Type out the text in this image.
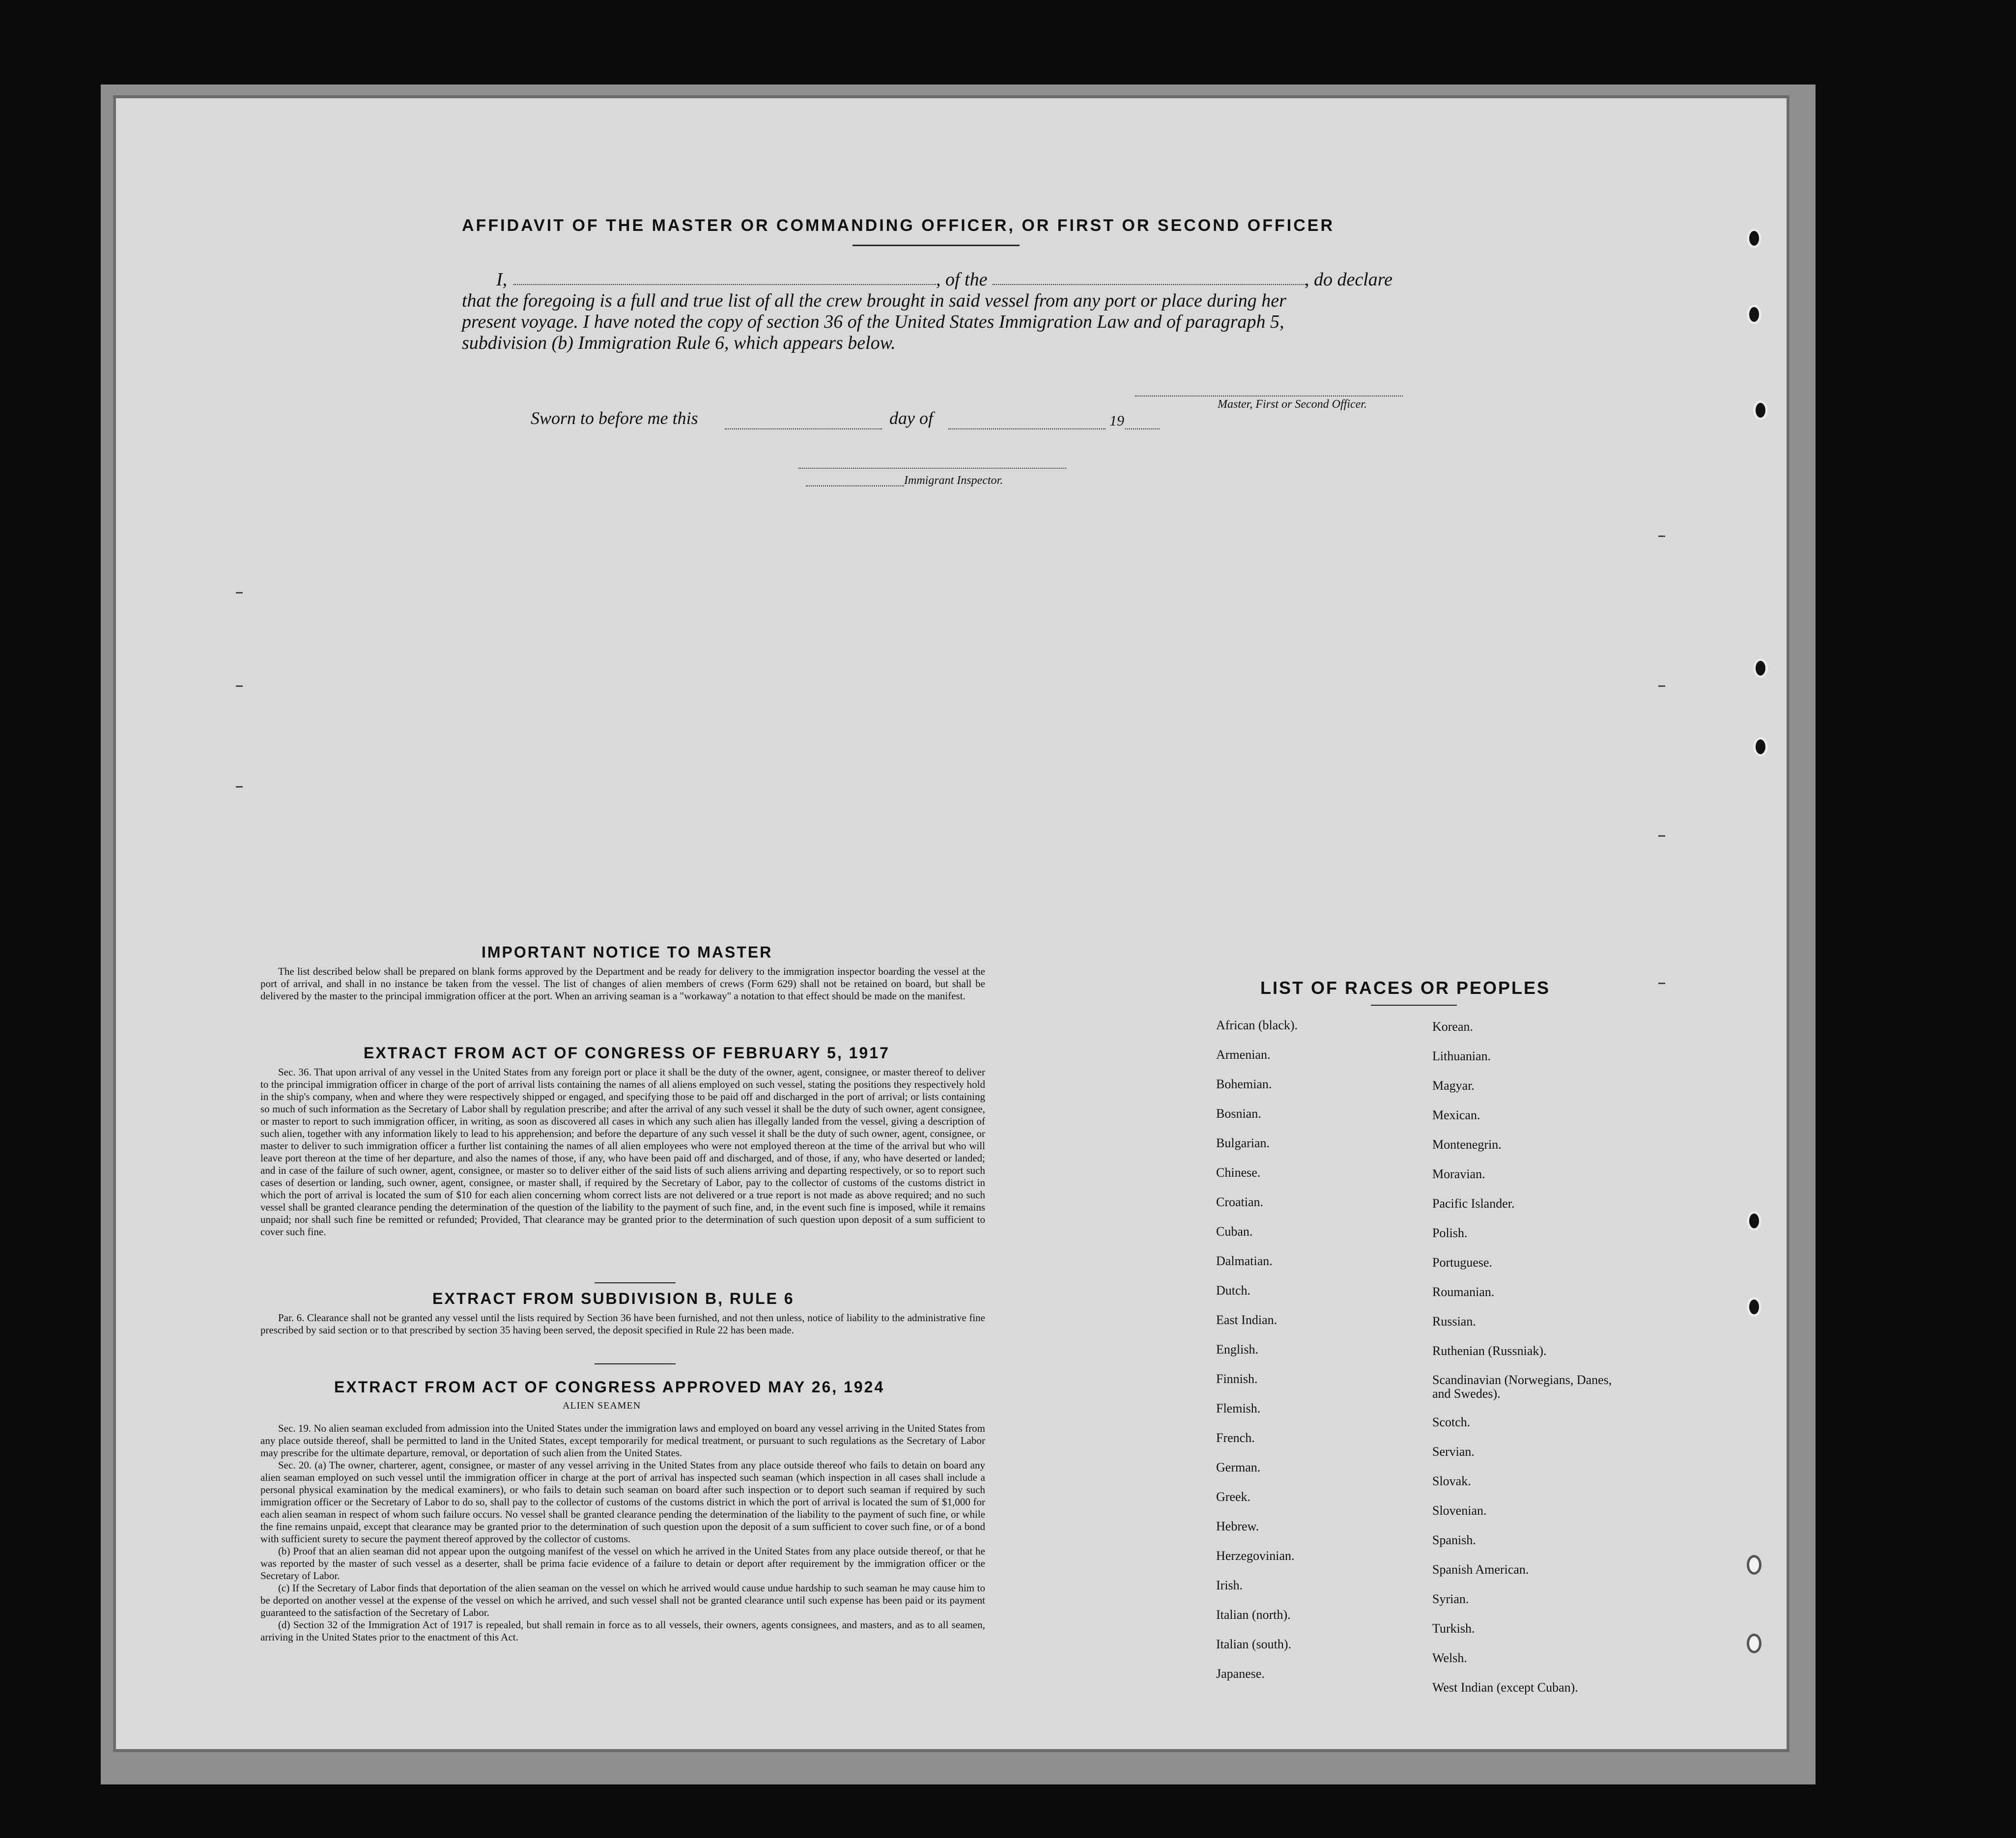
AFFIDAVIT OF THE MASTER OR COMMANDING OFFICER, OR FIRST OR SECOND OFFICER
I,	, of the	, do declare
that the foregoing is a full and true list of all the crew brought in said vessel from any port or place during her
present voyage. I have noted the copy of section 36 of the United States Immigration Law and of paragraph 5,
subdivision (b) Immigration Rule 6, which appears below.
Master, First or Second Officer.
Sworn to before me this	day of	19
Immigrant Inspector.
IMPORTANT NOTICE TO MASTER

The list described below shall be prepared on blank forms approved by the Department and be ready for delivery to the immigration inspector boarding the vessel at the port of arrival, and shall in no instance be taken from the vessel. The list of changes of alien members of crews (Form 629) shall not be retained on board, but shall be delivered by the master to the principal immigration officer at the port. When an arriving seaman is a "workaway" a notation to that effect should be made on the manifest.

EXTRACT FROM ACT OF CONGRESS OF FEBRUARY 5, 1917

Sec. 36. That upon arrival of any vessel in the United States from any foreign port or place it shall be the duty of the owner, agent, consignee, or master thereof to deliver to the principal immigration officer in charge of the port of arrival lists containing the names of all aliens employed on such vessel, stating the positions they respectively hold in the ship's company, when and where they were respectively shipped or engaged, and specifying those to be paid off and discharged in the port of arrival; or lists containing so much of such information as the Secretary of Labor shall by regulation prescribe; and after the arrival of any such vessel it shall be the duty of such owner, agent consignee, or master to report to such immigration officer, in writing, as soon as discovered all cases in which any such alien has illegally landed from the vessel, giving a description of such alien, together with any information likely to lead to his apprehension; and before the departure of any such vessel it shall be the duty of such owner, agent, consignee, or master to deliver to such immigration officer a further list containing the names of all alien employees who were not employed thereon at the time of the arrival but who will leave port thereon at the time of her departure, and also the names of those, if any, who have been paid off and discharged, and of those, if any, who have deserted or landed; and in case of the failure of such owner, agent, consignee, or master so to deliver either of the said lists of such aliens arriving and departing respectively, or so to report such cases of desertion or landing, such owner, agent, consignee, or master shall, if required by the Secretary of Labor, pay to the collector of customs of the customs district in which the port of arrival is located the sum of $10 for each alien concerning whom correct lists are not delivered or a true report is not made as above required; and no such vessel shall be granted clearance pending the determination of the question of the liability to the payment of such fine, and, in the event such fine is imposed, while it remains unpaid; nor shall such fine be remitted or refunded; Provided, That clearance may be granted prior to the determination of such question upon deposit of a sum sufficient to cover such fine.

EXTRACT FROM SUBDIVISION B, RULE 6

Par. 6. Clearance shall not be granted any vessel until the lists required by Section 36 have been furnished, and not then unless, notice of liability to the administrative fine prescribed by said section or to that prescribed by section 35 having been served, the deposit specified in Rule 22 has been made.

EXTRACT FROM ACT OF CONGRESS APPROVED MAY 26, 1924
ALIEN SEAMEN

Sec. 19. No alien seaman excluded from admission into the United States under the immigration laws and employed on board any vessel arriving in the United States from any place outside thereof, shall be permitted to land in the United States, except temporarily for medical treatment, or pursuant to such regulations as the Secretary of Labor may prescribe for the ultimate departure, removal, or deportation of such alien from the United States.

Sec. 20. (a) The owner, charterer, agent, consignee, or master of any vessel arriving in the United States from any place outside thereof who fails to detain on board any alien seaman employed on such vessel until the immigration officer in charge at the port of arrival has inspected such seaman (which inspection in all cases shall include a personal physical examination by the medical examiners), or who fails to detain such seaman on board after such inspection or to deport such seaman if required by such immigration officer or the Secretary of Labor to do so, shall pay to the collector of customs of the customs district in which the port of arrival is located the sum of $1,000 for each alien seaman in respect of whom such failure occurs. No vessel shall be granted clearance pending the determination of the liability to the payment of such fine, or while the fine remains unpaid, except that clearance may be granted prior to the determination of such question upon the deposit of a sum sufficient to cover such fine, or of a bond with sufficient surety to secure the payment thereof approved by the collector of customs.

(b) Proof that an alien seaman did not appear upon the outgoing manifest of the vessel on which he arrived in the United States from any place outside thereof, or that he was reported by the master of such vessel as a deserter, shall be prima facie evidence of a failure to detain or deport after requirement by the immigration officer or the Secretary of Labor.

(c) If the Secretary of Labor finds that deportation of the alien seaman on the vessel on which he arrived would cause undue hardship to such seaman he may cause him to be deported on another vessel at the expense of the vessel on which he arrived, and such vessel shall not be granted clearance until such expense has been paid or its payment guaranteed to the satisfaction of the Secretary of Labor.

(d) Section 32 of the Immigration Act of 1917 is repealed, but shall remain in force as to all vessels, their owners, agents consignees, and masters, and as to all seamen, arriving in the United States prior to the enactment of this Act.

LIST OF RACES OR PEOPLES
African (black).
Armenian.
Bohemian.
Bosnian.
Bulgarian.
Chinese.
Croatian.
Cuban.
Dalmatian.
Dutch.
East Indian.
English.
Finnish.
Flemish.
French.
German.
Greek.
Hebrew.
Herzegovinian.
Irish.
Italian (north).
Italian (south).
Japanese.
Korean.
Lithuanian.
Magyar.
Mexican.
Montenegrin.
Moravian.
Pacific Islander.
Polish.
Portuguese.
Roumanian.
Russian.
Ruthenian (Russniak).
Scandinavian (Norwegians, Danes, and Swedes).
Scotch.
Servian.
Slovak.
Slovenian.
Spanish.
Spanish American.
Syrian.
Turkish.
Welsh.
West Indian (except Cuban).
